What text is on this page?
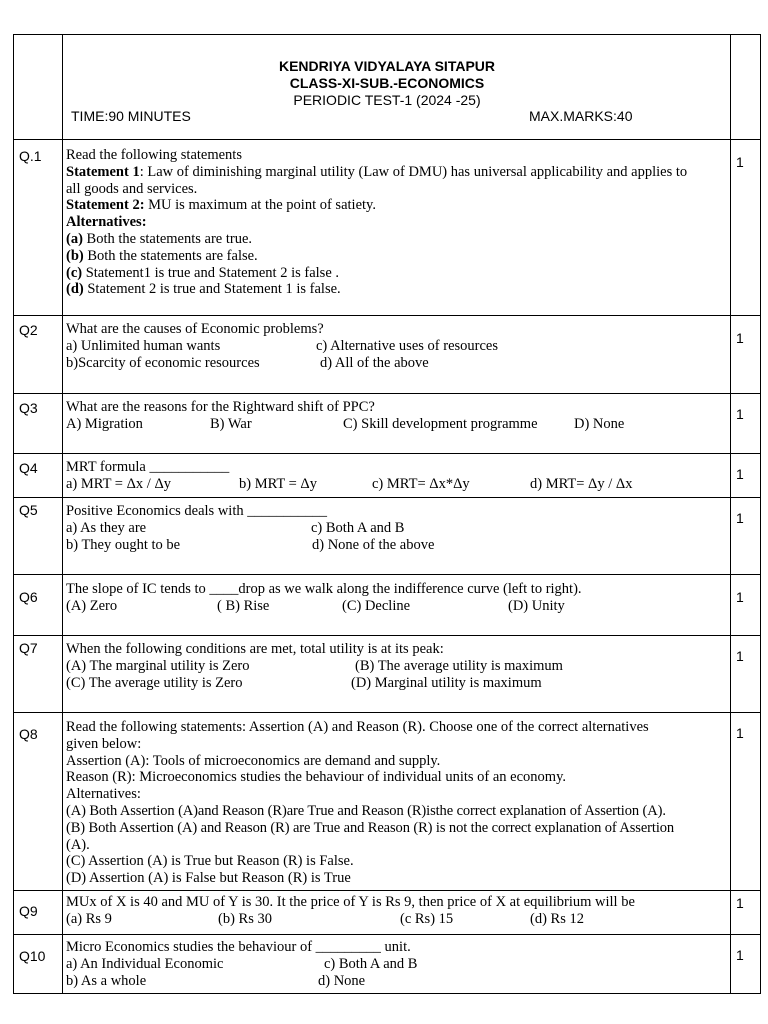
KENDRIYA VIDYALAYA SITAPUR
CLASS-XI-SUB.-ECONOMICS
PERIODIC TEST-1 (2024 -25)
TIME:90 MINUTES	MAX.MARKS:40
Q.1 Read the following statements
Statement 1: Law of diminishing marginal utility (Law of DMU) has universal applicability and applies to
all goods and services.
Statement 2: MU is maximum at the point of satiety.
Alternatives:
(a) Both the statements are true.
(b) Both the statements are false.
(c) Statement1 is true and Statement 2 is false .
(d) Statement 2 is true and Statement 1 is false.
1
Q2 What are the causes of Economic problems?
a) Unlimited human wants	c) Alternative uses of resources
b)Scarcity of economic resources	d) All of the above
1
Q3 What are the reasons for the Rightward shift of PPC?
A) Migration	B) War	C) Skill development programme	D) None
1
Q4 MRT formula ___________
a) MRT = Δx / Δy	b) MRT = Δy	c) MRT= Δx*Δy	d) MRT= Δy / Δx
1
Q5 Positive Economics deals with ___________
a) As they are	c) Both A and B
b) They ought to be	d) None of the above
1
Q6 The slope of IC tends to ____drop as we walk along the indifference curve (left to right).
(A) Zero	( B) Rise	(C) Decline	(D) Unity
1
Q7 When the following conditions are met, total utility is at its peak:
(A) The marginal utility is Zero	(B) The average utility is maximum
(C) The average utility is Zero	(D) Marginal utility is maximum
1
Q8 Read the following statements: Assertion (A) and Reason (R). Choose one of the correct alternatives
given below:
Assertion (A): Tools of microeconomics are demand and supply.
Reason (R): Microeconomics studies the behaviour of individual units of an economy.
Alternatives:
(A) Both Assertion (A)and Reason (R)are True and Reason (R)isthe correct explanation of Assertion (A).
(B) Both Assertion (A) and Reason (R) are True and Reason (R) is not the correct explanation of Assertion
(A).
(C) Assertion (A) is True but Reason (R) is False.
(D) Assertion (A) is False but Reason (R) is True
1
Q9
MUx of X is 40 and MU of Y is 30. It the price of Y is Rs 9, then price of X at equilibrium will be
(a) Rs 9	(b) Rs 30	(c Rs) 15	(d) Rs 12
1
Q10
Micro Economics studies the behaviour of _________ unit.
a) An Individual Economic	c) Both A and B
b) As a whole	d) None
1
